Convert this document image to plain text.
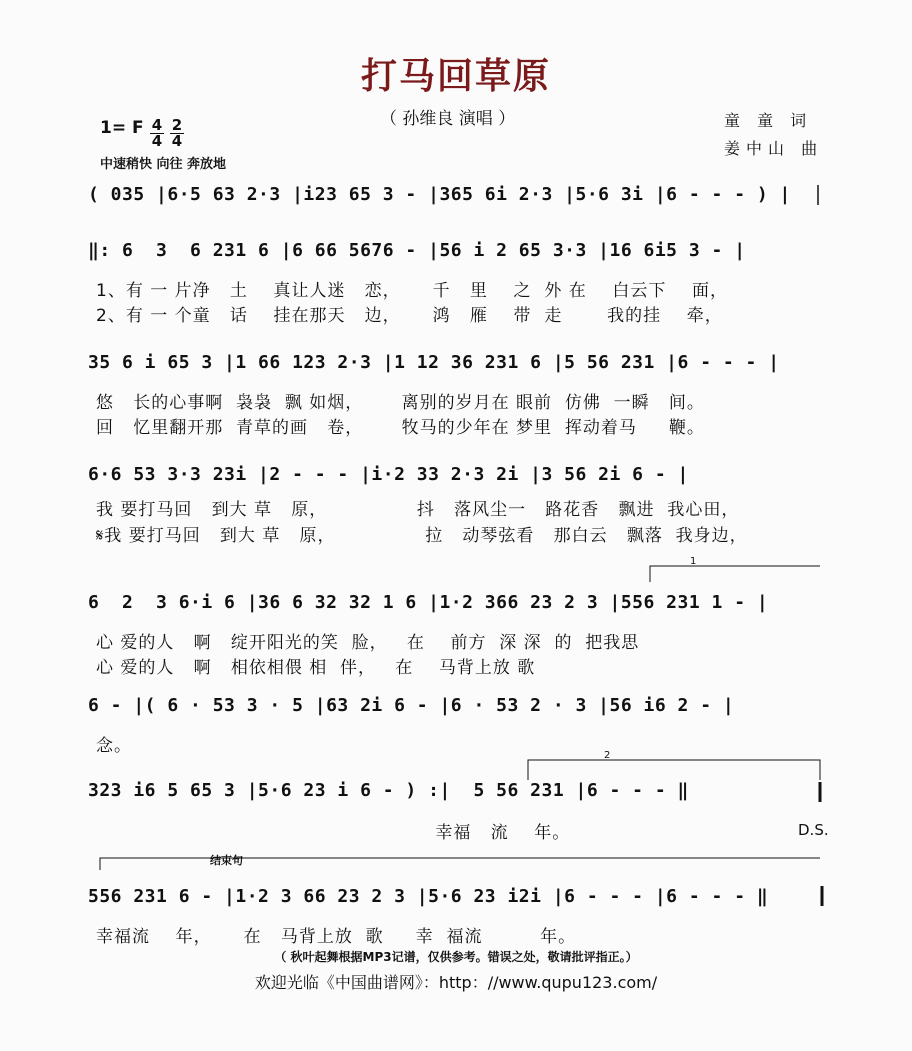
打马回草原
（ 孙维良 演唱 ）	童 童 词
姜中山 曲
1= F 4
4
2
4
中速稍快 向往 奔放地
1
2
结束句
( 035 |6·5 63 2·3 |i23 65 3 - |365 6i 2·3 |5·6 3i |6 - - - ) |
‖: 6  3  6 231 6 |6 66 5676 - |56 i 2 65 3·3 |16 6i5 3 - |
1、有 一 片净   土    真让人迷   恋，     千   里    之  外 在    白云下    面，
2、有 一 个童   话    挂在那天   边，     鸿   雁    带  走       我的挂    牵，
35 6 i 65 3 |1 66 123 2·3 |1 12 36 231 6 |5 56 231 |6 - - - |
悠   长的心事啊  袅袅  飘 如烟，      离别的岁月在 眼前  仿佛  一瞬   间。
回   忆里翻开那  青草的画   卷，      牧马的少年在 梦里  挥动着马     鞭。
6·6 53 3·3 23i |2 - - - |i·2 33 2·3 2i |3 56 2i 6 - |
我 要打马回   到大 草   原，              抖   落风尘一   路花香   飘进  我心田，
𝄋我 要打马回   到大 草   原，              拉   动琴弦看   那白云   飘落  我身边，
6  2  3 6·i 6 |36 6 32 32 1 6 |1·2 366 23 2 3 |556 231 1 - |
心 爱的人   啊   绽开阳光的笑  脸，   在    前方  深 深  的  把我思
心 爱的人   啊   相依相偎 相  伴，   在    马背上放 歌
6 - |( 6 · 53 3 · 5 |63 2i 6 - |6 · 53 2 · 3 |56 i6 2 - |
念。
323 i6 5 65 3 |5·6 23 i 6 - ) :|  5 56 231 |6 - - - ‖
幸福   流    年。	D.S.
556 231 6 - |1·2 3 66 23 2 3 |5·6 23 i2i |6 - - - |6 - - - ‖
幸福流    年，     在   马背上放  歌     幸  福流         年。
（ 秋叶起舞根据MP3记谱，仅供参考。错误之处，敬请批评指正。）
欢迎光临《中国曲谱网》：http：//www.qupu123.com/
